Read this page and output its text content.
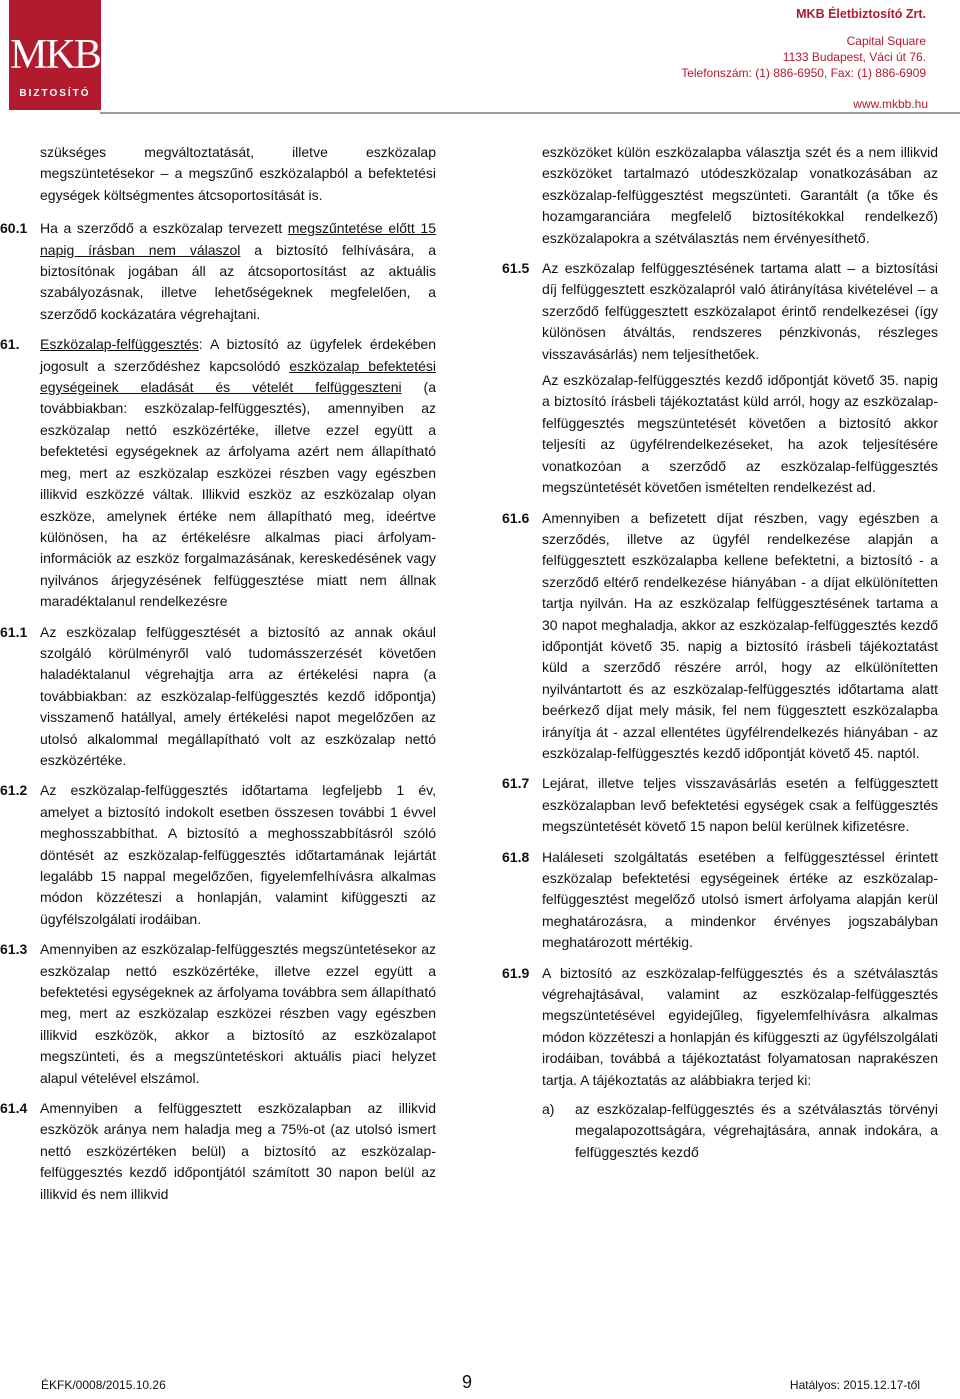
MKB
BIZTOSÍTÓ
MKB Életbiztosító Zrt.
Capital Square
1133 Budapest, Váci út 76.
Telefonszám: (1) 886-6950, Fax: (1) 886-6909
www.mkbb.hu

szükséges megváltoztatását, illetve eszközalap megszüntetésekor – a megszűnő eszközalapból a befektetési egységek költségmentes átcsoportosítását is.

60.1 Ha a szerződő a eszközalap tervezett megszűntetése előtt 15 napig írásban nem válaszol a biztosító felhívására, a biztosítónak jogában áll az átcsoportosítást az aktuális szabályozásnak, illetve lehetőségeknek megfelelően, a szerződő kockázatára végrehajtani.
61.	Eszközalap-felfüggesztés: A biztosító az ügyfelek érdekében jogosult a szerződéshez kapcsolódó eszközalap befektetési egységeinek eladását és vételét felfüggeszteni (a továbbiakban: eszközalap-felfüggesztés), amennyiben az eszközalap nettó eszközértéke, illetve ezzel együtt a befektetési egységeknek az árfolyama azért nem állapítható meg, mert az eszközalap eszközei részben vagy egészben illikvid eszközzé váltak. Illikvid eszköz az eszközalap olyan eszköze, amelynek értéke nem állapítható meg, ideértve különösen, ha az értékelésre alkalmas piaci árfolyam-információk az eszköz forgalmazásának, kereskedésének vagy nyilvános árjegyzésének felfüggesztése miatt nem állnak maradéktalanul rendelkezésre
61.1 Az eszközalap felfüggesztését a biztosító az annak okául szolgáló körülményről való tudomásszerzését követően haladéktalanul végrehajtja arra az értékelési napra (a továbbiakban: az eszközalap-felfüggesztés kezdő időpontja) visszamenő hatállyal, amely értékelési napot megelőzően az utolsó alkalommal megállapítható volt az eszközalap nettó eszközértéke.
61.2 Az eszközalap-felfüggesztés időtartama legfeljebb 1 év, amelyet a biztosító indokolt esetben összesen további 1 évvel meghosszabbíthat. A biztosító a meghosszabbításról szóló döntését az eszközalap-felfüggesztés időtartamának lejártát legalább 15 nappal megelőzően, figyelemfelhívásra alkalmas módon közzéteszi a honlapján, valamint kifüggeszti az ügyfélszolgálati irodáiban.
61.3 Amennyiben az eszközalap-felfüggesztés megszüntetésekor az eszközalap nettó eszközértéke, illetve ezzel együtt a befektetési egységeknek az árfolyama továbbra sem állapítható meg, mert az eszközalap eszközei részben vagy egészben illikvid eszközök, akkor a biztosító az eszközalapot megszünteti, és a megszüntetéskori aktuális piaci helyzet alapul vételével elszámol.
61.4 Amennyiben a felfüggesztett eszközalapban az illikvid eszközök aránya nem haladja meg a 75%-ot (az utolsó ismert nettó eszközértéken belül) a biztosító az eszközalap-felfüggesztés kezdő időpontjától számított 30 napon belül az illikvid és nem illikvid

eszközöket külön eszközalapba választja szét és a nem illikvid eszközöket tartalmazó utódeszközalap vonatkozásában az eszközalap-felfüggesztést megszünteti. Garantált (a tőke és hozamgaranciára megfelelő biztosítékokkal rendelkező) eszközalapokra a szétválasztás nem érvényesíthető.

61.5 Az eszközalap felfüggesztésének tartama alatt – a biztosítási díj felfüggesztett eszközalapról való átirányítása kivételével – a szerződő felfüggesztett eszközalapot érintő rendelkezései (így különösen átváltás, rendszeres pénzkivonás, részleges visszavásárlás) nem teljesíthetőek.

Az eszközalap-felfüggesztés kezdő időpontját követő 35. napig a biztosító írásbeli tájékoztatást küld arról, hogy az eszközalap-felfüggesztés megszüntetését követően a biztosító akkor teljesíti az ügyfélrendelkezéseket, ha azok teljesítésére vonatkozóan a szerződő az eszközalap-felfüggesztés megszüntetését követően ismételten rendelkezést ad.

61.6 Amennyiben a befizetett díjat részben, vagy egészben a szerződés, illetve az ügyfél rendelkezése alapján a felfüggesztett eszközalapba kellene befektetni, a biztosító - a szerződő eltérő rendelkezése hiányában - a díjat elkülönítetten tartja nyilván. Ha az eszközalap felfüggesztésének tartama a 30 napot meghaladja, akkor az eszközalap-felfüggesztés kezdő időpontját követő 35. napig a biztosító írásbeli tájékoztatást küld a szerződő részére arról, hogy az elkülönítetten nyilvántartott és az eszközalap-felfüggesztés időtartama alatt beérkező díjat mely másik, fel nem függesztett eszközalapba irányítja át - azzal ellentétes ügyfélrendelkezés hiányában - az eszközalap-felfüggesztés kezdő időpontját követő 45. naptól.
61.7 Lejárat, illetve teljes visszavásárlás esetén a felfüggesztett eszközalapban levő befektetési egységek csak a felfüggesztés megszüntetését követő 15 napon belül kerülnek kifizetésre.
61.8 Haláleseti szolgáltatás esetében a felfüggesztéssel érintett eszközalap befektetési egységeinek értéke az eszközalap-felfüggesztést megelőző utolsó ismert árfolyama alapján kerül meghatározásra, a mindenkor érvényes jogszabályban meghatározott mértékig.
61.9 A biztosító az eszközalap-felfüggesztés és a szétválasztás végrehajtásával, valamint az eszközalap-felfüggesztés megszüntetésével egyidejűleg, figyelemfelhívásra alkalmas módon közzéteszi a honlapján és kifüggeszti az ügyfélszolgálati irodáiban, továbbá a tájékoztatást folyamatosan naprakészen tartja. A tájékoztatás az alábbiakra terjed ki:

a)	az eszközalap-felfüggesztés és a szétválasztás törvényi megalapozottságára, végrehajtására, annak indokára, a felfüggesztés kezdő
ÉKFK/0008/2015.10.26	9	Hatályos: 2015.12.17-től
